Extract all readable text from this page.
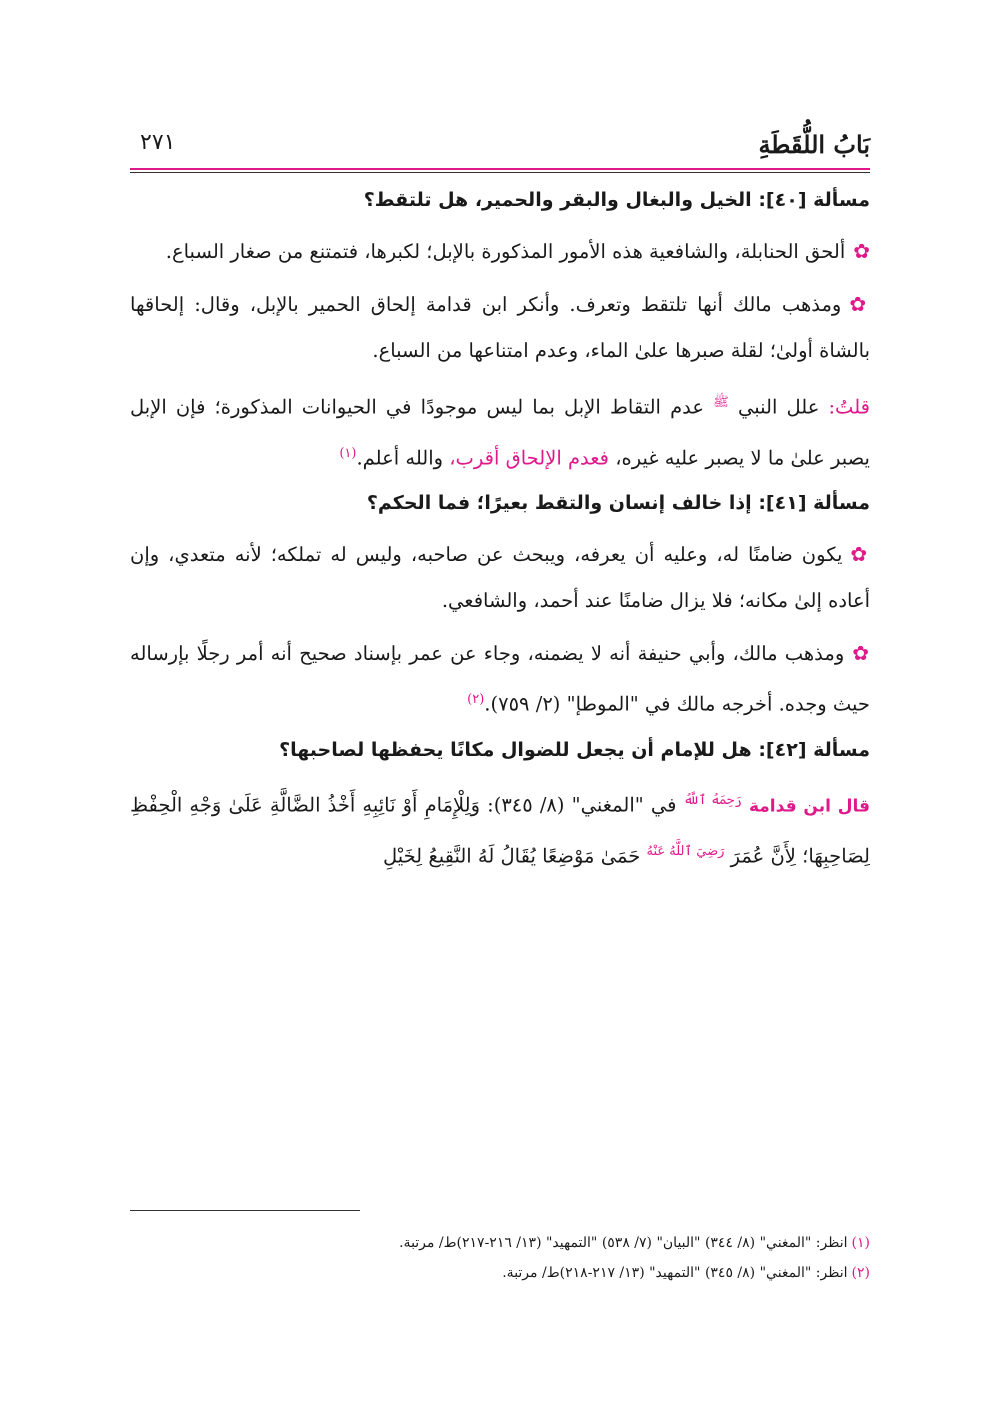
بَابُ اللُّقَطَةِ
٢٧١
مسألة [٤٠]: الخيل والبغال والبقر والحمير، هل تلتقط؟

✿ألحق الحنابلة، والشافعية هذه الأمور المذكورة بالإبل؛ لكبرها، فتمتنع من صغار السباع.

✿ومذهب مالك أنها تلتقط وتعرف. وأنكر ابن قدامة إلحاق الحمير بالإبل، وقال: إلحاقها بالشاة أولىٰ؛ لقلة صبرها علىٰ الماء، وعدم امتناعها من السباع.

قلتُ: علل النبي $^ﷺ$ عدم التقاط الإبل بما ليس موجودًا في الحيوانات المذكورة؛ فإن الإبل يصبر علىٰ ما لا يصبر عليه غيره، فعدم الإلحاق أقرب، والله أعلم.$^{(١)}$

مسألة [٤١]: إذا خالف إنسان والتقط بعيرًا؛ فما الحكم؟

✿يكون ضامنًا له، وعليه أن يعرفه، ويبحث عن صاحبه، وليس له تملكه؛ لأنه متعدي، وإن أعاده إلىٰ مكانه؛ فلا يزال ضامنًا عند أحمد، والشافعي.

✿ومذهب مالك، وأبي حنيفة أنه لا يضمنه، وجاء عن عمر بإسناد صحيح أنه أمر رجلًا بإرساله حيث وجده. أخرجه مالك في "الموطإ" (٢/ ٧٥٩).$^{(٢)}$

مسألة [٤٢]: هل للإمام أن يجعل للضوال مكانًا يحفظها لصاحبها؟

قال ابن قدامة $^{رَحِمَهُ ٱللَّهُ}$ في "المغني" (٨/ ٣٤٥): وَلِلْإِمَامِ أَوْ نَائِبِهِ أَخْذُ الضَّالَّةِ عَلَىٰ وَجْهِ الْحِفْظِ لِصَاحِبِهَا؛ لِأَنَّ عُمَرَ $^{رَضِيَ ٱللَّهُ عَنْهُ}$ حَمَىٰ مَوْضِعًا يُقَالُ لَهُ النَّقِيعُ لِخَيْلِ

(١)انظر: "المغني" (٨/ ٣٤٤) "البيان" (٧/ ٥٣٨) "التمهيد" (١٣/ ٢١٦-٢١٧)ط/ مرتبة.
(٢)انظر: "المغني" (٨/ ٣٤٥) "التمهيد" (١٣/ ٢١٧-٢١٨)ط/ مرتبة.
